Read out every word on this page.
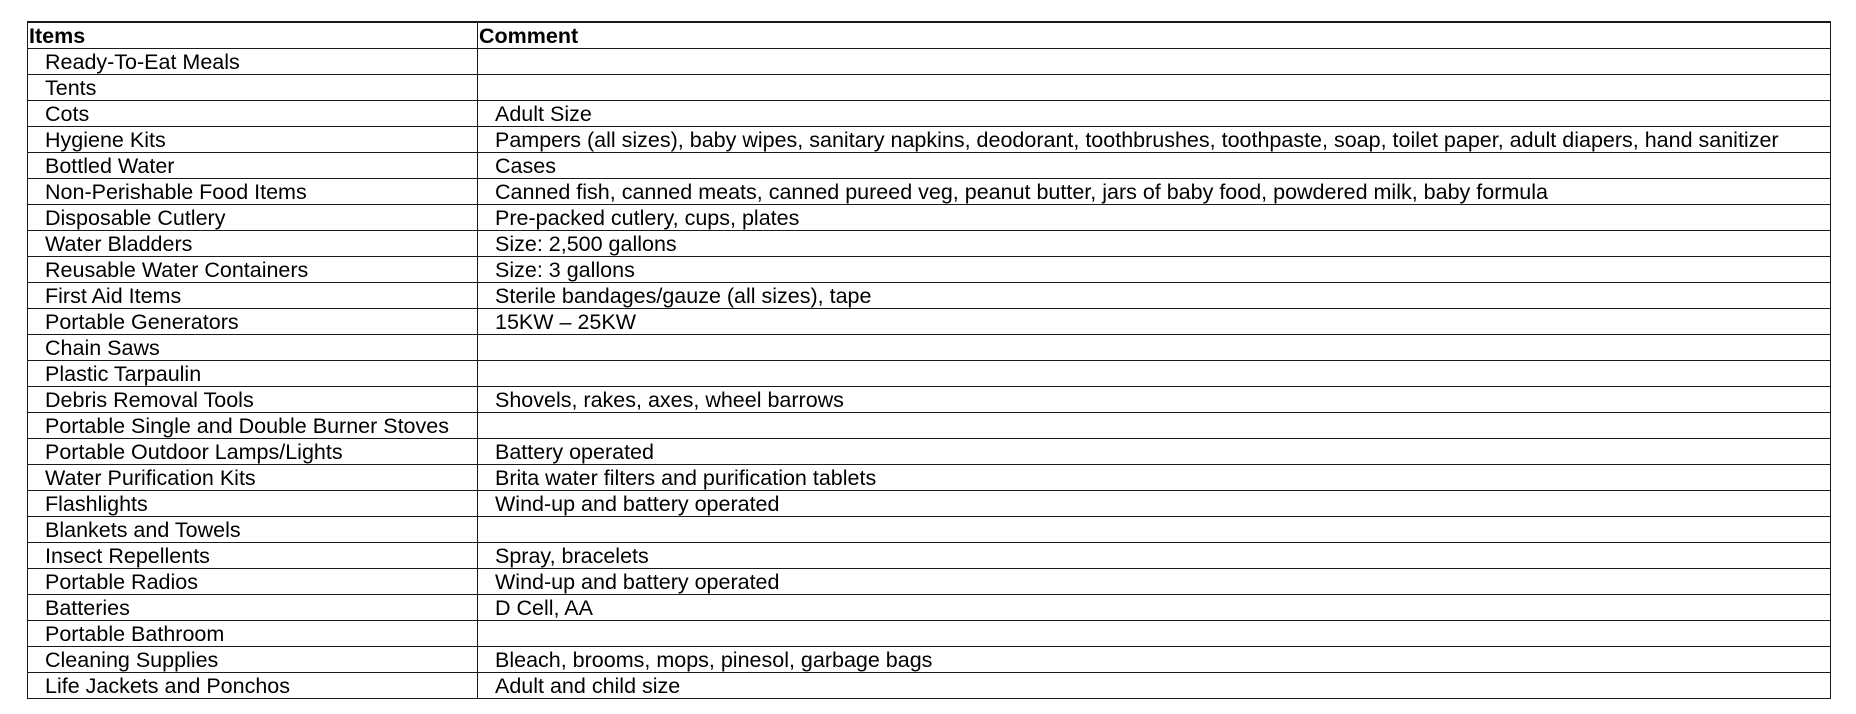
Items	Comment
Ready-To-Eat Meals	
Tents	
Cots	Adult Size
Hygiene Kits	Pampers (all sizes), baby wipes, sanitary napkins, deodorant, toothbrushes, toothpaste, soap, toilet paper, adult diapers, hand sanitizer
Bottled Water	Cases
Non-Perishable Food Items	Canned fish, canned meats, canned pureed veg, peanut butter, jars of baby food, powdered milk, baby formula
Disposable Cutlery	Pre-packed cutlery, cups, plates
Water Bladders	Size: 2,500 gallons
Reusable Water Containers	Size: 3 gallons
First Aid Items	Sterile bandages/gauze (all sizes), tape
Portable Generators	15KW – 25KW
Chain Saws	
Plastic Tarpaulin	
Debris Removal Tools	Shovels, rakes, axes, wheel barrows
Portable Single and Double Burner Stoves	
Portable Outdoor Lamps/Lights	Battery operated
Water Purification Kits	Brita water filters and purification tablets
Flashlights	Wind-up and battery operated
Blankets and Towels	
Insect Repellents	Spray, bracelets
Portable Radios	Wind-up and battery operated
Batteries	D Cell, AA
Portable Bathroom	
Cleaning Supplies	Bleach, brooms, mops, pinesol, garbage bags
Life Jackets and Ponchos	Adult and child size
